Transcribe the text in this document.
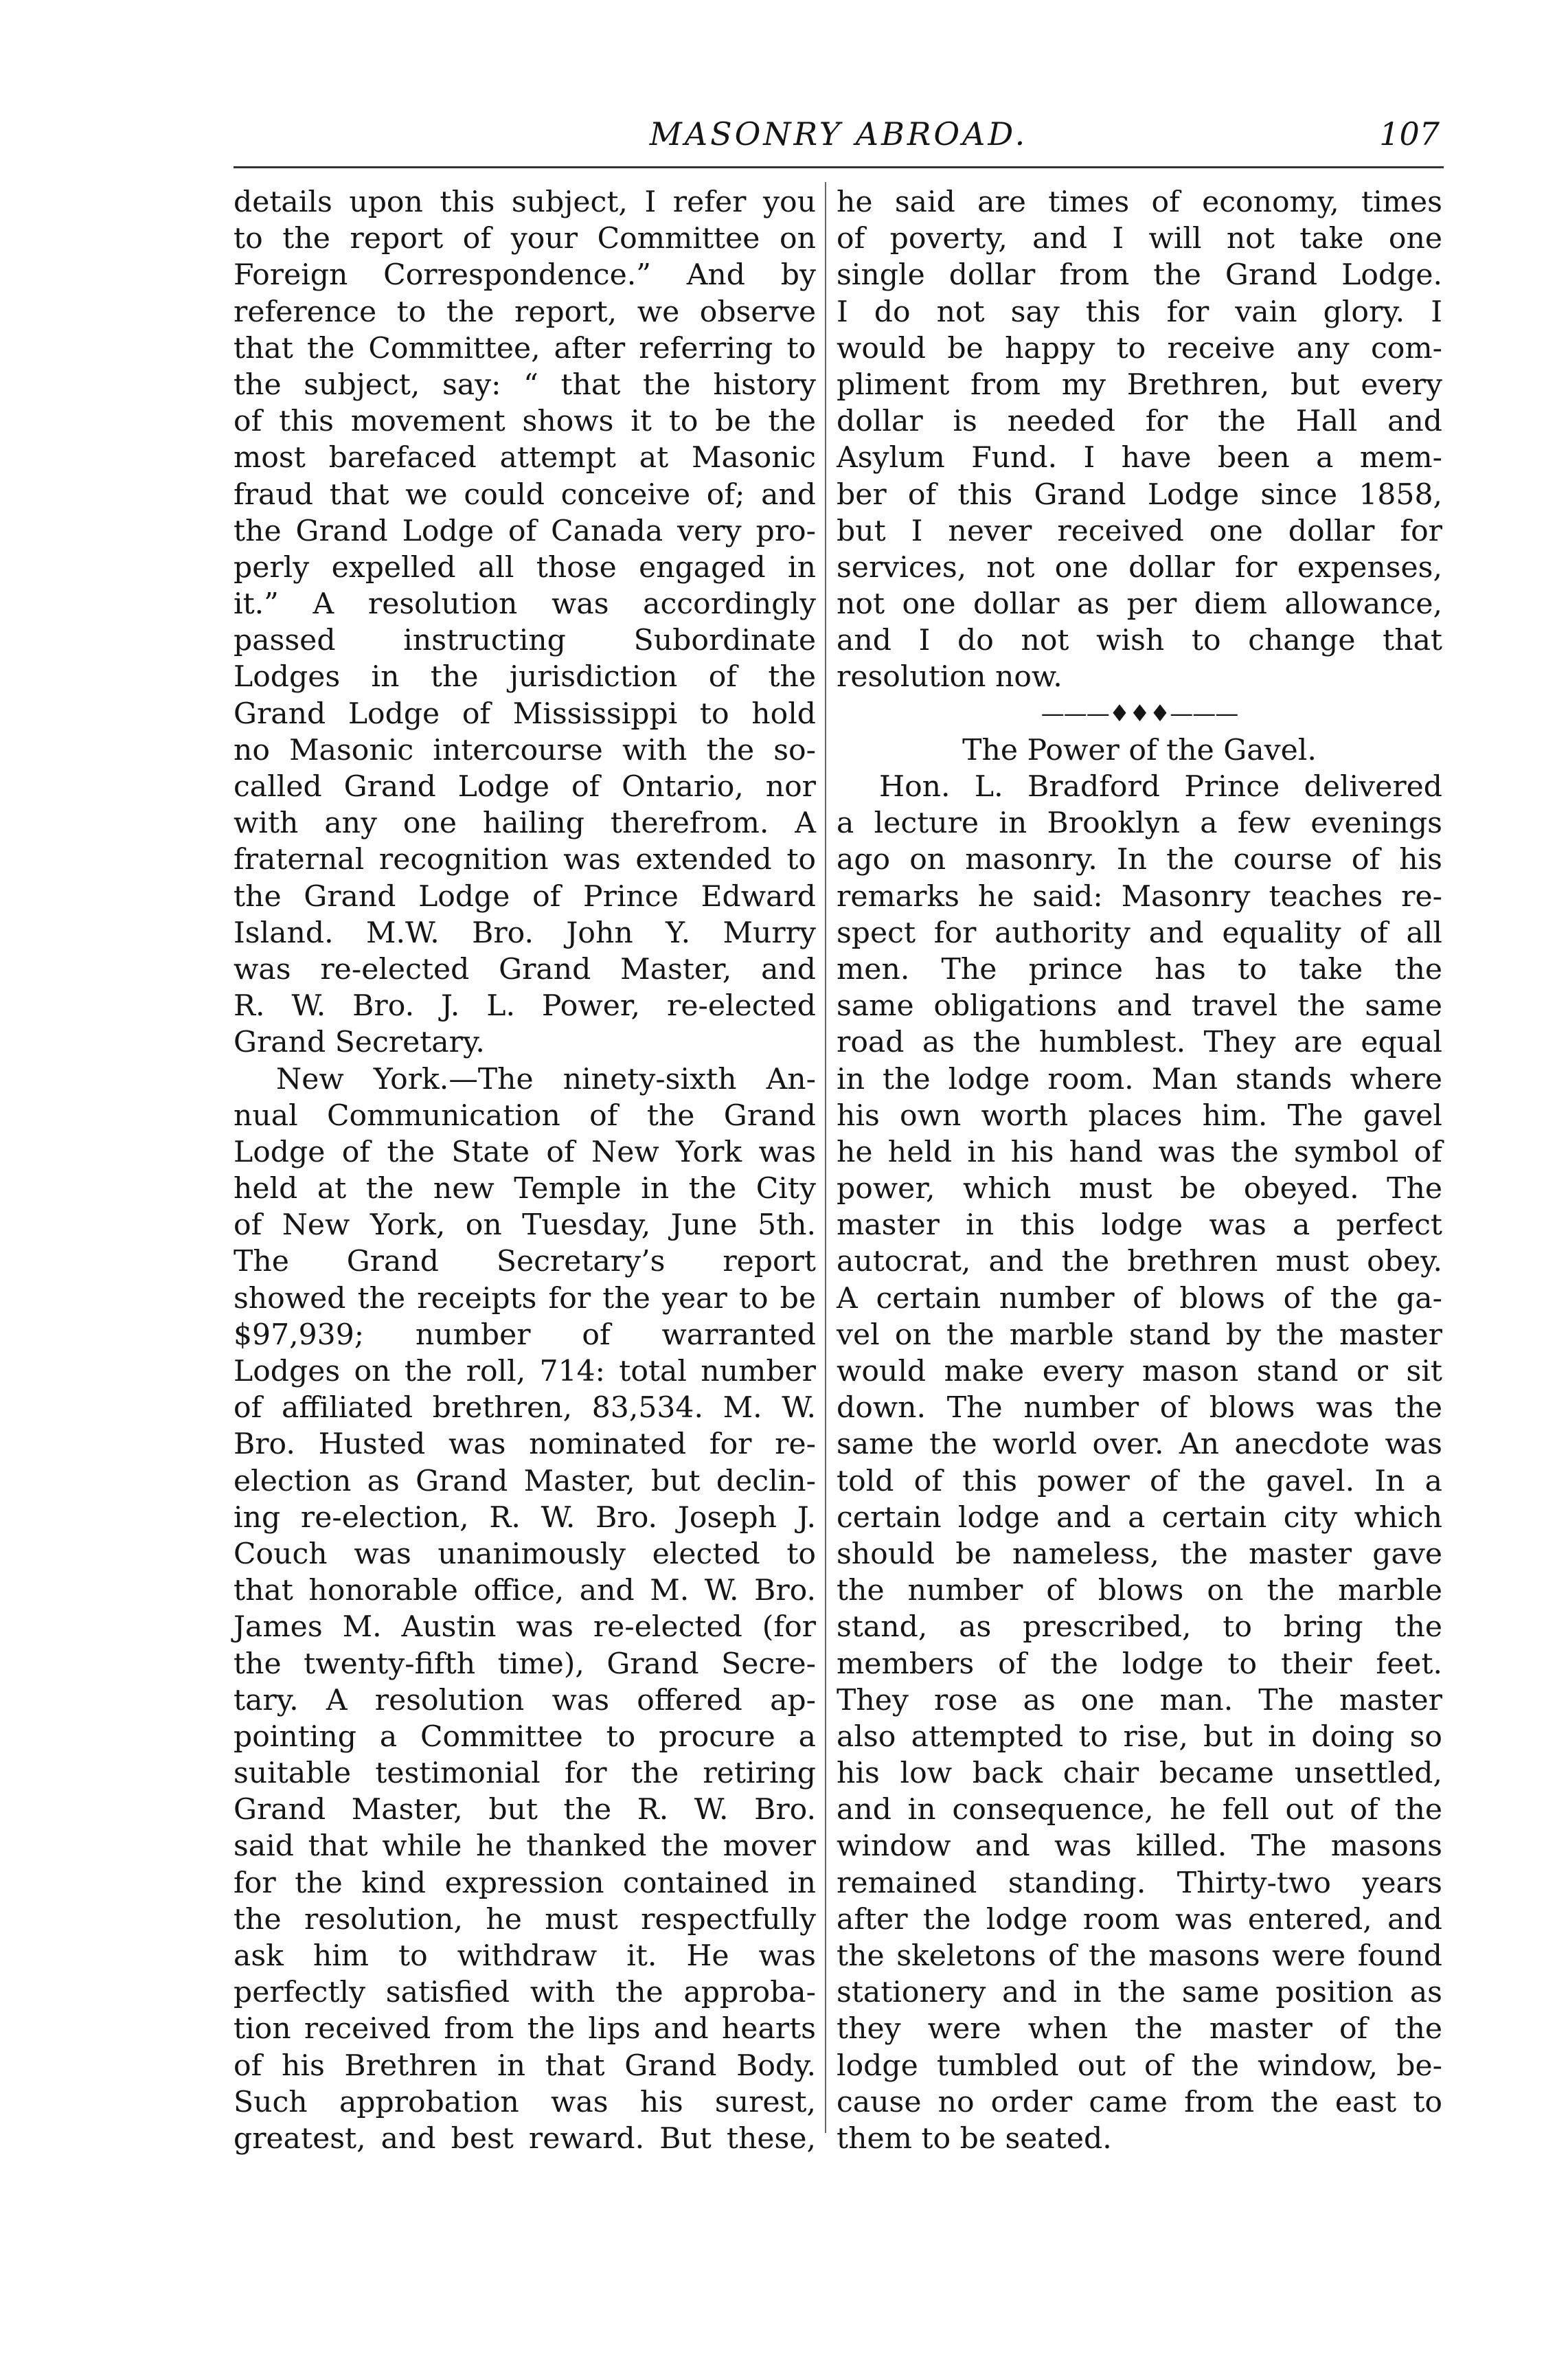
MASONRY ABROAD.	107
details upon this subject, I refer you
to the report of your Committee on
Foreign Correspondence.” And by
reference to the report, we observe
that the Committee, after referring to
the subject, say: “ that the history
of this movement shows it to be the
most barefaced attempt at Masonic
fraud that we could conceive of; and
the Grand Lodge of Canada very pro-
perly expelled all those engaged in
it.” A resolution was accordingly
passed instructing Subordinate
Lodges in the jurisdiction of the
Grand Lodge of Mississippi to hold
no Masonic intercourse with the so-
called Grand Lodge of Ontario, nor
with any one hailing therefrom. A
fraternal recognition was extended to
the Grand Lodge of Prince Edward
Island. M.W. Bro. John Y. Murry
was re-elected Grand Master, and
R. W. Bro. J. L. Power, re-elected
Grand Secretary.
New York.—The ninety-sixth An-
nual Communication of the Grand
Lodge of the State of New York was
held at the new Temple in the City
of New York, on Tuesday, June 5th.
The Grand Secretary’s report
showed the receipts for the year to be
$97,939; number of warranted
Lodges on the roll, 714: total number
of affiliated brethren, 83,534. M. W.
Bro. Husted was nominated for re-
election as Grand Master, but declin-
ing re-election, R. W. Bro. Joseph J.
Couch was unanimously elected to
that honorable office, and M. W. Bro.
James M. Austin was re-elected (for
the twenty-fifth time), Grand Secre-
tary. A resolution was offered ap-
pointing a Committee to procure a
suitable testimonial for the retiring
Grand Master, but the R. W. Bro.
said that while he thanked the mover
for the kind expression contained in
the resolution, he must respectfully
ask him to withdraw it. He was
perfectly satisfied with the approba-
tion received from the lips and hearts
of his Brethren in that Grand Body.
Such approbation was his surest,
greatest, and best reward. But these,
he said are times of economy, times
of poverty, and I will not take one
single dollar from the Grand Lodge.
I do not say this for vain glory. I
would be happy to receive any com-
pliment from my Brethren, but every
dollar is needed for the Hall and
Asylum Fund. I have been a mem-
ber of this Grand Lodge since 1858,
but I never received one dollar for
services, not one dollar for expenses,
not one dollar as per diem allowance,
and I do not wish to change that
resolution now.
———♦♦♦———
The Power of the Gavel.
Hon. L. Bradford Prince delivered
a lecture in Brooklyn a few evenings
ago on masonry. In the course of his
remarks he said: Masonry teaches re-
spect for authority and equality of all
men. The prince has to take the
same obligations and travel the same
road as the humblest. They are equal
in the lodge room. Man stands where
his own worth places him. The gavel
he held in his hand was the symbol of
power, which must be obeyed. The
master in this lodge was a perfect
autocrat, and the brethren must obey.
A certain number of blows of the ga-
vel on the marble stand by the master
would make every mason stand or sit
down. The number of blows was the
same the world over. An anecdote was
told of this power of the gavel. In a
certain lodge and a certain city which
should be nameless, the master gave
the number of blows on the marble
stand, as prescribed, to bring the
members of the lodge to their feet.
They rose as one man. The master
also attempted to rise, but in doing so
his low back chair became unsettled,
and in consequence, he fell out of the
window and was killed. The masons
remained standing. Thirty-two years
after the lodge room was entered, and
the skeletons of the masons were found
stationery and in the same position as
they were when the master of the
lodge tumbled out of the window, be-
cause no order came from the east to
them to be seated.
